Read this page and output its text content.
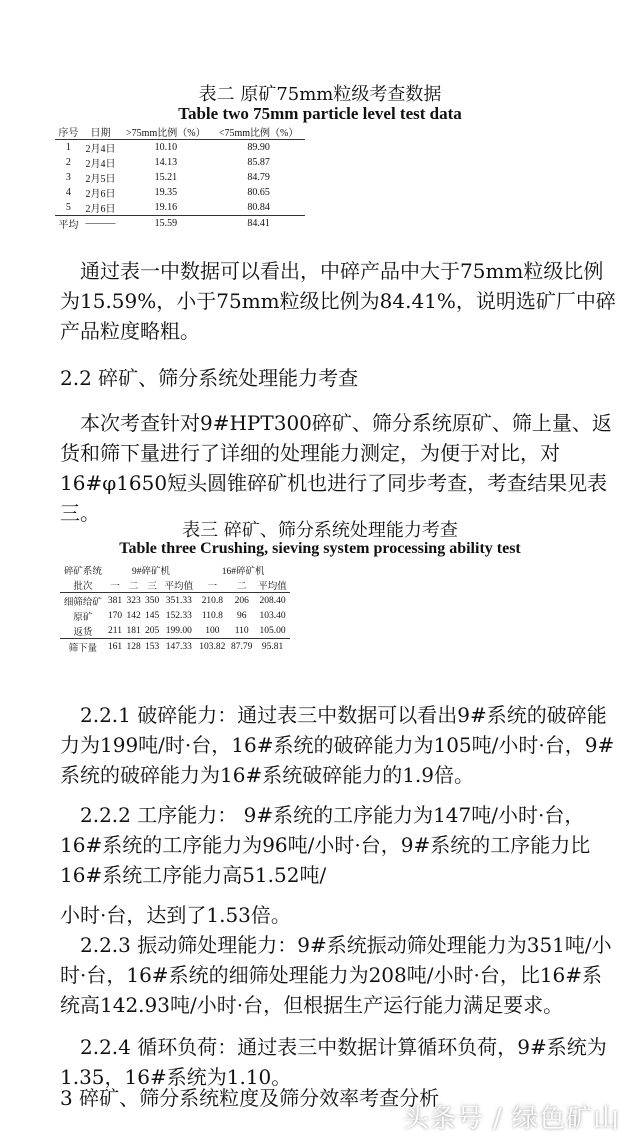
表二 原矿75mm粒级考查数据
Table two 75mm particle level test data
序号	日期	>75mm比例（%）	<75mm比例（%）
1	2月4日	10.10	89.90
2	2月4日	14.13	85.87
3	2月5日	15.21	84.79
4	2月6日	19.35	80.65
5	2月6日	19.16	80.84
平均	———	15.59	84.41
通过表一中数据可以看出，中碎产品中大于75mm粒级比例为15.59%，小于75mm粒级比例为84.41%，说明选矿厂中碎产品粒度略粗。
2.2 碎矿、筛分系统处理能力考查
本次考查针对9#HPT300碎矿、筛分系统原矿、筛上量、返货和筛下量进行了详细的处理能力测定，为便于对比，对16#φ1650短头圆锥碎矿机也进行了同步考查，考查结果见表三。
表三 碎矿、筛分系统处理能力考查
Table three Crushing, sieving system processing ability test
碎矿系统	9#碎矿机				16#碎矿机		
批次	一	二	三	平均值	一	二	平均值
细筛给矿	381	323	350	351.33	210.8	206	208.40
原矿	170	142	145	152.33	110.8	96	103.40
返货	211	181	205	199.00	100	110	105.00
筛下量	161	128	153	147.33	103.82	87.79	95.81
2.2.1 破碎能力：通过表三中数据可以看出9#系统的破碎能力为199吨/时·台，16#系统的破碎能力为105吨/小时·台，9#系统的破碎能力为16#系统破碎能力的1.9倍。
2.2.2 工序能力： 9#系统的工序能力为147吨/小时·台，16#系统的工序能力为96吨/小时·台，9#系统的工序能力比16#系统工序能力高51.52吨/
小时·台，达到了1.53倍。
2.2.3 振动筛处理能力：9#系统振动筛处理能力为351吨/小时·台，16#系统的细筛处理能力为208吨/小时·台，比16#系统高142.93吨/小时·台，但根据生产运行能力满足要求。
2.2.4 循环负荷：通过表三中数据计算循环负荷，9#系统为1.35，16#系统为1.10。
3 碎矿、筛分系统粒度及筛分效率考查分析
头条号 / 绿色矿山
